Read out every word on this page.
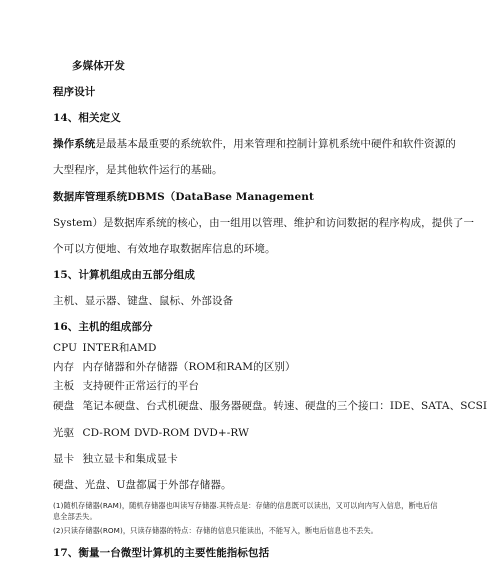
多媒体开发
程序设计
14、相关定义
操作系统是最基本最重要的系统软件，用来管理和控制计算机系统中硬件和软件资源的
大型程序，是其他软件运行的基础。
数据库管理系统DBMS（DataBase Management
System）是数据库系统的核心，由一组用以管理、维护和访问数据的程序构成，提供了一
个可以方便地、有效地存取数据库信息的环境。
15、计算机组成由五部分组成
主机、显示器、键盘、鼠标、外部设备
16、主机的组成部分
CPU INTER和AMD
内存 内存储器和外存储器（ROM和RAM的区别）
主板 支持硬件正常运行的平台
硬盘 笔记本硬盘、台式机硬盘、服务器硬盘。转速、硬盘的三个接口：IDE、SATA、SCSI
光驱 CD-ROM DVD-ROM DVD+-RW
显卡 独立显卡和集成显卡
硬盘、光盘、U盘都属于外部存储器。
(1)随机存储器(RAM)，随机存储器也叫读写存储器.其特点是：存储的信息既可以读出，又可以向内写入信息，断电后信
息全部丢失。
(2)只读存储器(ROM)，只读存储器的特点：存储的信息只能读出，不能写入，断电后信息也不丢失。
17、衡量一台微型计算机的主要性能指标包括
